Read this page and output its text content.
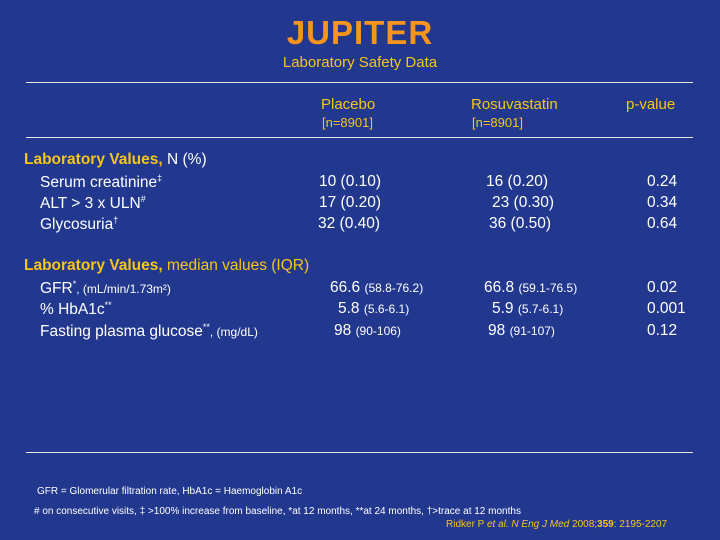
JUPITER
Laboratory Safety Data
Placebo
[n=8901]
Rosuvastatin
[n=8901]
p-value
Laboratory Values, N (%)
Serum creatinine‡	10 (0.10)	16 (0.20)	0.24
ALT > 3 x ULN#	17 (0.20)	23 (0.30)	0.34
Glycosuria†	32 (0.40)	36 (0.50)	0.64
Laboratory Values, median values (IQR)
GFR*, (mL/min/1.73m²)	66.6 (58.8-76.2)	66.8 (59.1-76.5)	0.02
% HbA1c**	5.8 (5.6-6.1)	5.9 (5.7-6.1)	0.001
Fasting plasma glucose**, (mg/dL)	98 (90-106)	98 (91-107)	0.12
GFR = Glomerular filtration rate, HbA1c = Haemoglobin A1c
# on consecutive visits, ‡ >100% increase from baseline, *at 12 months, **at 24 months, †>trace at 12 months
Ridker P et al. N Eng J Med 2008;359: 2195-2207
